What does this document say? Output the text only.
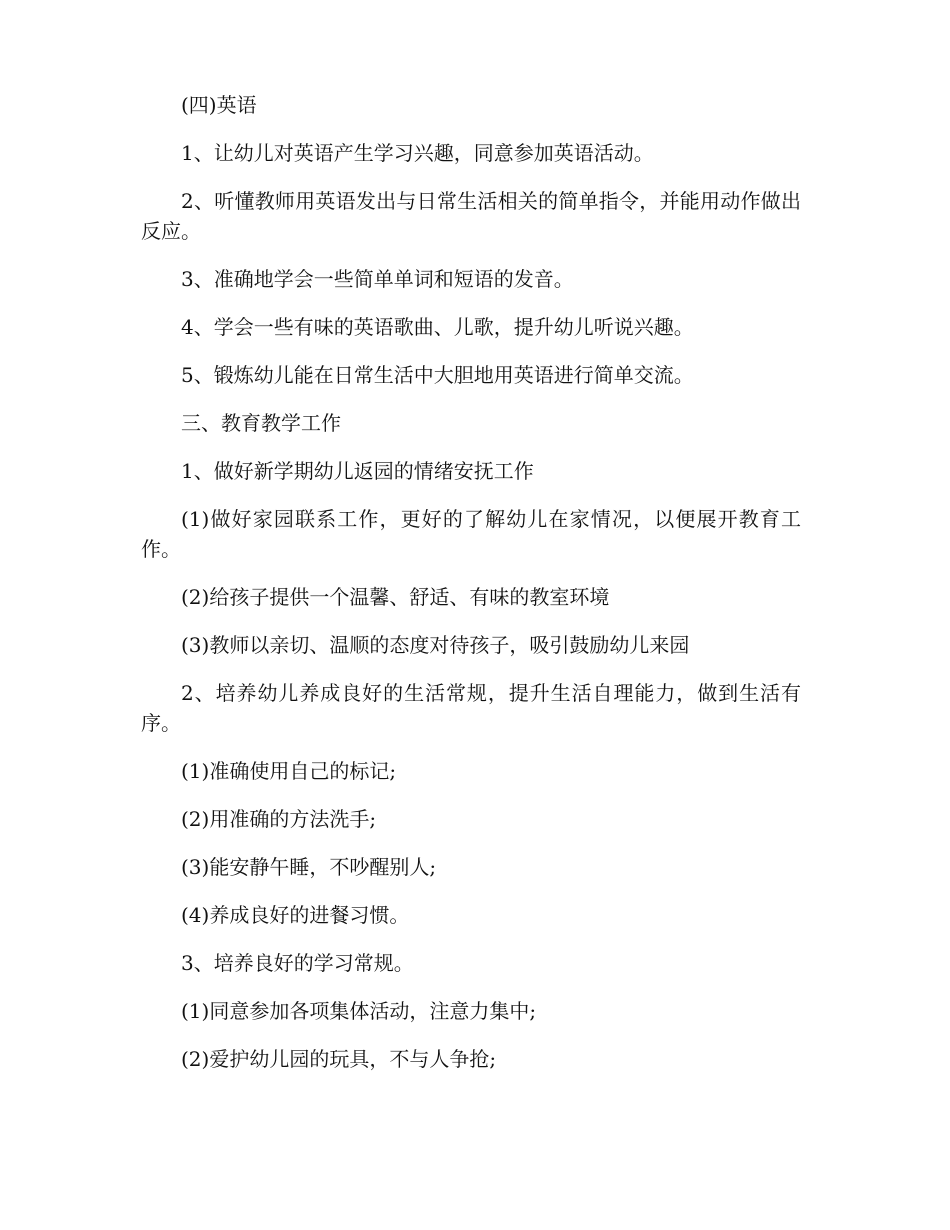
(四)英语

1、让幼儿对英语产生学习兴趣，同意参加英语活动。

2、听懂教师用英语发出与日常生活相关的简单指令，并能用动作做出反应。

3、准确地学会一些简单单词和短语的发音。

4、学会一些有味的英语歌曲、儿歌，提升幼儿听说兴趣。

5、锻炼幼儿能在日常生活中大胆地用英语进行简单交流。

三、教育教学工作

1、做好新学期幼儿返园的情绪安抚工作

(1)做好家园联系工作，更好的了解幼儿在家情况，以便展开教育工作。

(2)给孩子提供一个温馨、舒适、有味的教室环境

(3)教师以亲切、温顺的态度对待孩子，吸引鼓励幼儿来园

2、培养幼儿养成良好的生活常规，提升生活自理能力，做到生活有序。

(1)准确使用自己的标记;

(2)用准确的方法洗手;

(3)能安静午睡，不吵醒别人;

(4)养成良好的进餐习惯。

3、培养良好的学习常规。

(1)同意参加各项集体活动，注意力集中;

(2)爱护幼儿园的玩具，不与人争抢;
